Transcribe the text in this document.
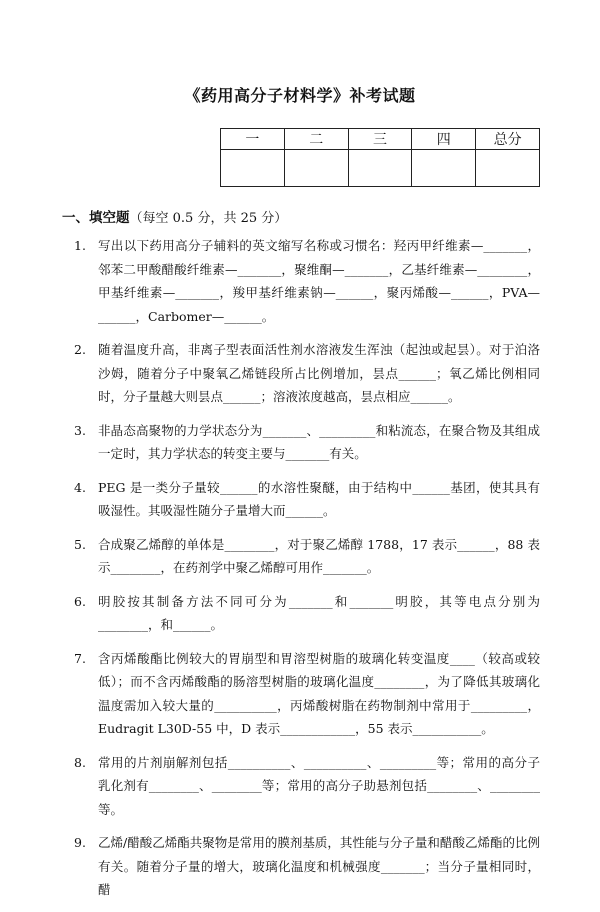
《药用高分子材料学》补考试题
一	二	三	四	总分

一、填空题（每空 0.5 分，共 25 分）
1. 写出以下药用高分子辅料的英文缩写名称或习惯名：羟丙甲纤维素—_______，邻苯二甲酸醋酸纤维素—_______，聚维酮—_______，乙基纤维素—________，甲基纤维素—_______，羧甲基纤维素钠—______，聚丙烯酸—______，PVA—______，Carbomer—______。
2. 随着温度升高，非离子型表面活性剂水溶液发生浑浊（起浊或起昙）。对于泊洛沙姆，随着分子中聚氧乙烯链段所占比例增加，昙点______；氧乙烯比例相同时，分子量越大则昙点______；溶液浓度越高，昙点相应______。
3. 非晶态高聚物的力学状态分为_______、_________和粘流态，在聚合物及其组成一定时，其力学状态的转变主要与_______有关。
4. PEG 是一类分子量较______的水溶性聚醚，由于结构中______基团，使其具有吸湿性。其吸湿性随分子量增大而______。
5. 合成聚乙烯醇的单体是________，对于聚乙烯醇 1788，17 表示______，88 表示________，在药剂学中聚乙烯醇可用作_______。
6. 明胶按其制备方法不同可分为_______和_______明胶，其等电点分别为________，和______。
7. 含丙烯酸酯比例较大的胃崩型和胃溶型树脂的玻璃化转变温度____（较高或较低）；而不含丙烯酸酯的肠溶型树脂的玻璃化温度________，为了降低其玻璃化温度需加入较大量的__________，丙烯酸树脂在药物制剂中常用于_________，Eudragit L30D-55 中，D 表示____________，55 表示___________。
8. 常用的片剂崩解剂包括__________、__________、_________等；常用的高分子乳化剂有________、________等；常用的高分子助悬剂包括________、________等。
9. 乙烯/醋酸乙烯酯共聚物是常用的膜剂基质，其性能与分子量和醋酸乙烯酯的比例有关。随着分子量的增大，玻璃化温度和机械强度_______；当分子量相同时，醋
